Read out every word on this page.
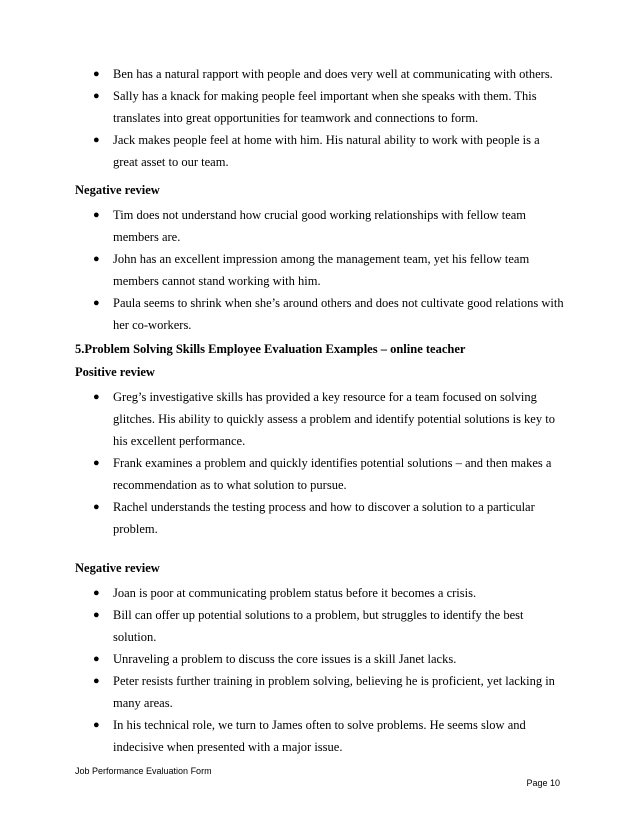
● Ben has a natural rapport with people and does very well at communicating with others.
● Sally has a knack for making people feel important when she speaks with them. This translates into great opportunities for teamwork and connections to form.
● Jack makes people feel at home with him. His natural ability to work with people is a great asset to our team.
Negative review
● Tim does not understand how crucial good working relationships with fellow team members are.
● John has an excellent impression among the management team, yet his fellow team members cannot stand working with him.
● Paula seems to shrink when she’s around others and does not cultivate good relations with her co-workers.
5.Problem Solving Skills Employee Evaluation Examples – online teacher
Positive review
● Greg’s investigative skills has provided a key resource for a team focused on solving glitches. His ability to quickly assess a problem and identify potential solutions is key to his excellent performance.
● Frank examines a problem and quickly identifies potential solutions – and then makes a recommendation as to what solution to pursue.
● Rachel understands the testing process and how to discover a solution to a particular problem.
Negative review
● Joan is poor at communicating problem status before it becomes a crisis.
● Bill can offer up potential solutions to a problem, but struggles to identify the best solution.
● Unraveling a problem to discuss the core issues is a skill Janet lacks.
● Peter resists further training in problem solving, believing he is proficient, yet lacking in many areas.
● In his technical role, we turn to James often to solve problems. He seems slow and indecisive when presented with a major issue.
Job Performance Evaluation Form
Page 10
